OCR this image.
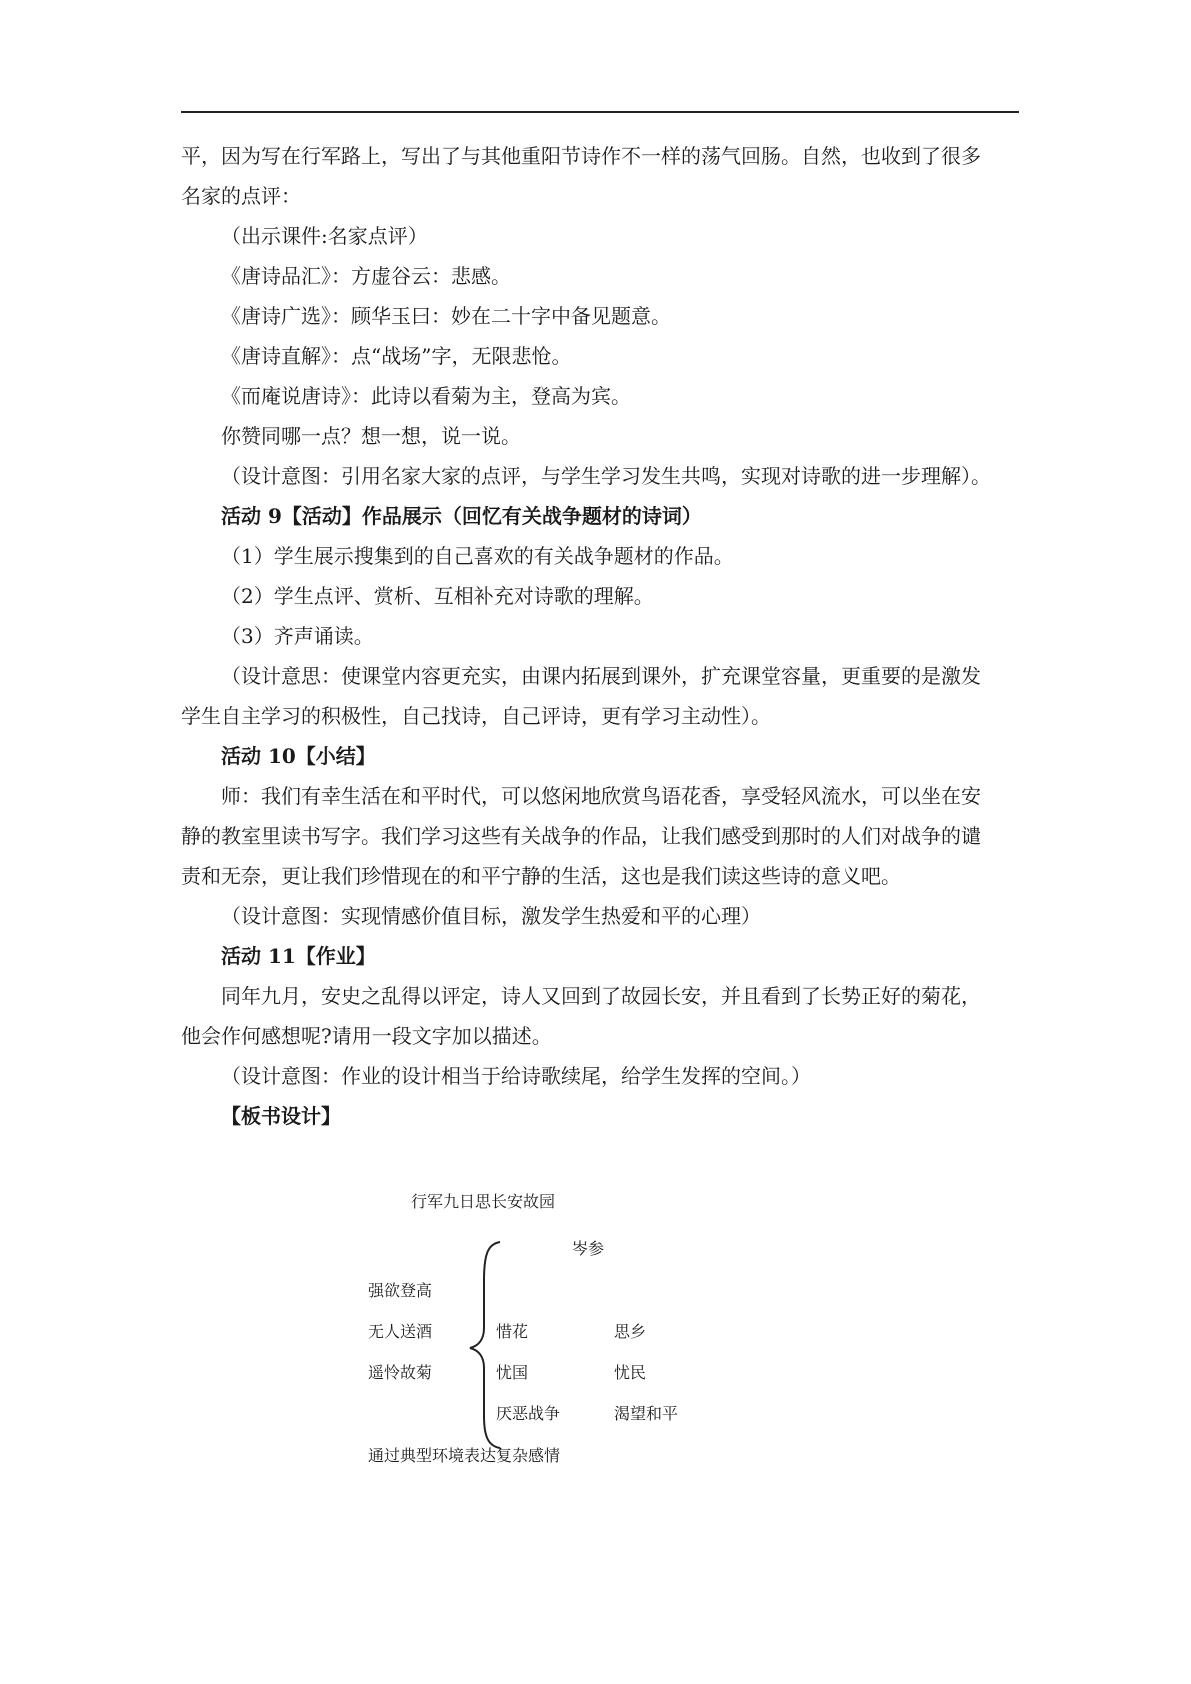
平，因为写在行军路上，写出了与其他重阳节诗作不一样的荡气回肠。自然，也收到了很多

名家的点评：

（出示课件:名家点评）

《唐诗品汇》：方虚谷云：悲感。

《唐诗广选》：顾华玉曰：妙在二十字中备见题意。

《唐诗直解》：点“战场”字，无限悲怆。

《而庵说唐诗》：此诗以看菊为主，登高为宾。

你赞同哪一点？想一想，说一说。

（设计意图：引用名家大家的点评，与学生学习发生共鸣，实现对诗歌的进一步理解）。

活动 9【活动】作品展示（回忆有关战争题材的诗词）

（1）学生展示搜集到的自己喜欢的有关战争题材的作品。

（2）学生点评、赏析、互相补充对诗歌的理解。

（3）齐声诵读。

（设计意思：使课堂内容更充实，由课内拓展到课外，扩充课堂容量，更重要的是激发

学生自主学习的积极性，自己找诗，自己评诗，更有学习主动性）。

活动 10【小结】

师：我们有幸生活在和平时代，可以悠闲地欣赏鸟语花香，享受轻风流水，可以坐在安

静的教室里读书写字。我们学习这些有关战争的作品，让我们感受到那时的人们对战争的谴

责和无奈，更让我们珍惜现在的和平宁静的生活，这也是我们读这些诗的意义吧。

（设计意图：实现情感价值目标，激发学生热爱和平的心理）

活动 11【作业】

同年九月，安史之乱得以评定，诗人又回到了故园长安，并且看到了长势正好的菊花，

他会作何感想呢?请用一段文字加以描述。

（设计意图：作业的设计相当于给诗歌续尾，给学生发挥的空间。）

【板书设计】

行军九日思长安故园
岑参
强欲登高
无人送酒
遥怜故菊
惜花
忧国
厌恶战争
思乡
忧民
渴望和平
通过典型环境表达复杂感情
